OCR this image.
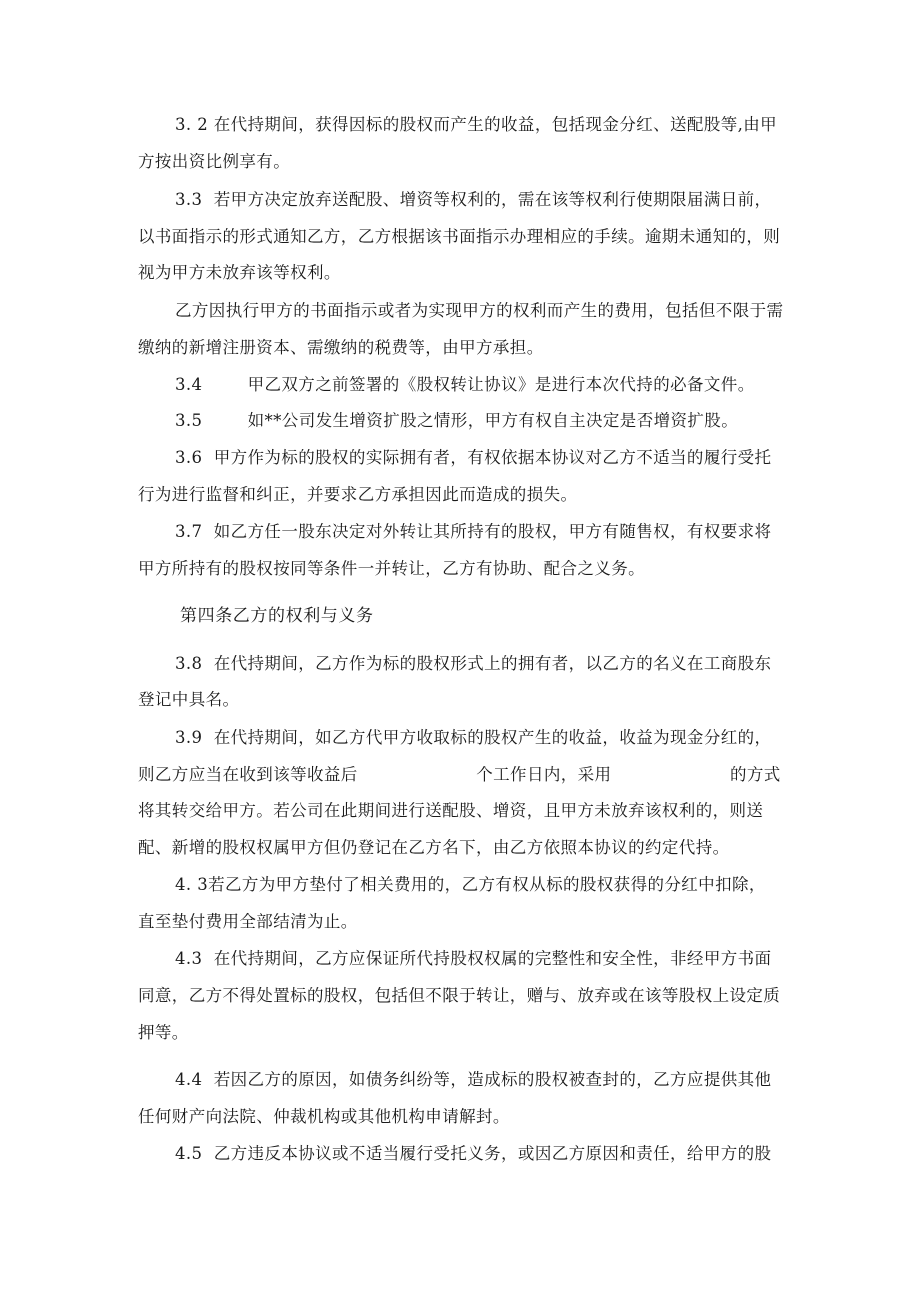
3. 2 在代持期间，获得因标的股权而产生的收益，包括现金分红、送配股等,由甲
方按出资比例享有。
3.3  若甲方决定放弃送配股、增资等权利的，需在该等权利行使期限届满日前，
以书面指示的形式通知乙方，乙方根据该书面指示办理相应的手续。逾期未通知的，则
视为甲方未放弃该等权利。
乙方因执行甲方的书面指示或者为实现甲方的权利而产生的费用，包括但不限于需
缴纳的新增注册资本、需缴纳的税费等，由甲方承担。
3.4        甲乙双方之前签署的《股权转让协议》是进行本次代持的必备文件。
3.5        如**公司发生增资扩股之情形，甲方有权自主决定是否增资扩股。
3.6  甲方作为标的股权的实际拥有者，有权依据本协议对乙方不适当的履行受托
行为进行监督和纠正，并要求乙方承担因此而造成的损失。
3.7  如乙方任一股东决定对外转让其所持有的股权，甲方有随售权，有权要求将
甲方所持有的股权按同等条件一并转让，乙方有协助、配合之义务。
第四条乙方的权利与义务
3.8  在代持期间，乙方作为标的股权形式上的拥有者，以乙方的名义在工商股东
登记中具名。
3.9  在代持期间，如乙方代甲方收取标的股权产生的收益，收益为现金分红的，
则乙方应当在收到该等收益后                     个工作日内，采用                     的方式
将其转交给甲方。若公司在此期间进行送配股、增资，且甲方未放弃该权利的，则送
配、新增的股权权属甲方但仍登记在乙方名下，由乙方依照本协议的约定代持。
4. 3若乙方为甲方垫付了相关费用的，乙方有权从标的股权获得的分红中扣除，
直至垫付费用全部结清为止。
4.3  在代持期间，乙方应保证所代持股权权属的完整性和安全性，非经甲方书面
同意，乙方不得处置标的股权，包括但不限于转让，赠与、放弃或在该等股权上设定质
押等。
4.4  若因乙方的原因，如债务纠纷等，造成标的股权被查封的，乙方应提供其他
任何财产向法院、仲裁机构或其他机构申请解封。
4.5  乙方违反本协议或不适当履行受托义务，或因乙方原因和责任，给甲方的股
